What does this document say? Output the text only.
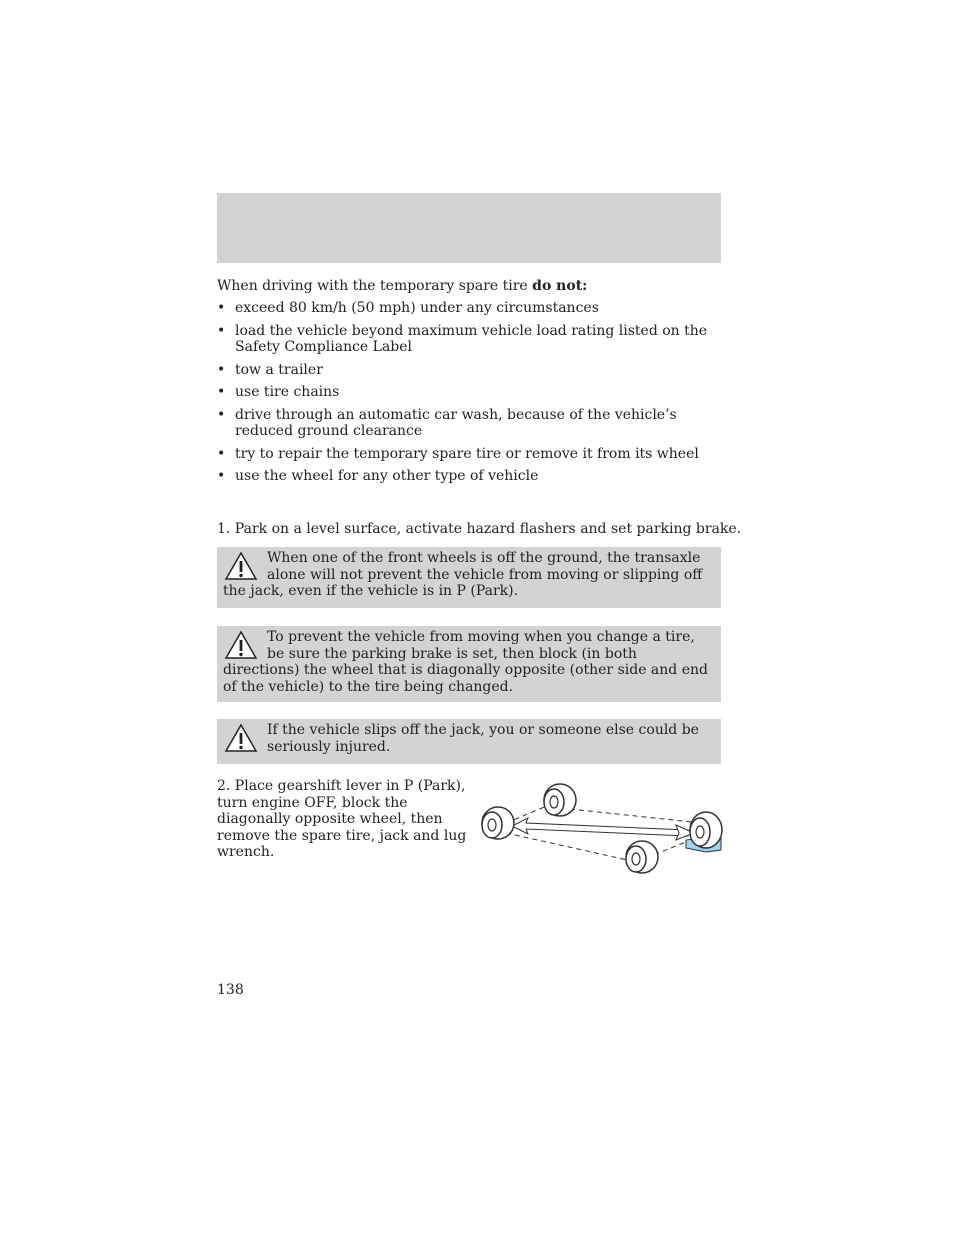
When driving with the temporary spare tire do not:
• exceed 80 km/h (50 mph) under any circumstances
• load the vehicle beyond maximum vehicle load rating listed on the Safety Compliance Label
• tow a trailer
• use tire chains
• drive through an automatic car wash, because of the vehicle’s reduced ground clearance
• try to repair the temporary spare tire or remove it from its wheel
• use the wheel for any other type of vehicle
1. Park on a level surface, activate hazard flashers and set parking brake.
When one of the front wheels is off the ground, the transaxle alone will not prevent the vehicle from moving or slipping off the jack, even if the vehicle is in P (Park).
To prevent the vehicle from moving when you change a tire, be sure the parking brake is set, then block (in both directions) the wheel that is diagonally opposite (other side and end of the vehicle) to the tire being changed.
If the vehicle slips off the jack, you or someone else could be seriously injured.
2. Place gearshift lever in P (Park), turn engine OFF, block the diagonally opposite wheel, then remove the spare tire, jack and lug wrench.
138
